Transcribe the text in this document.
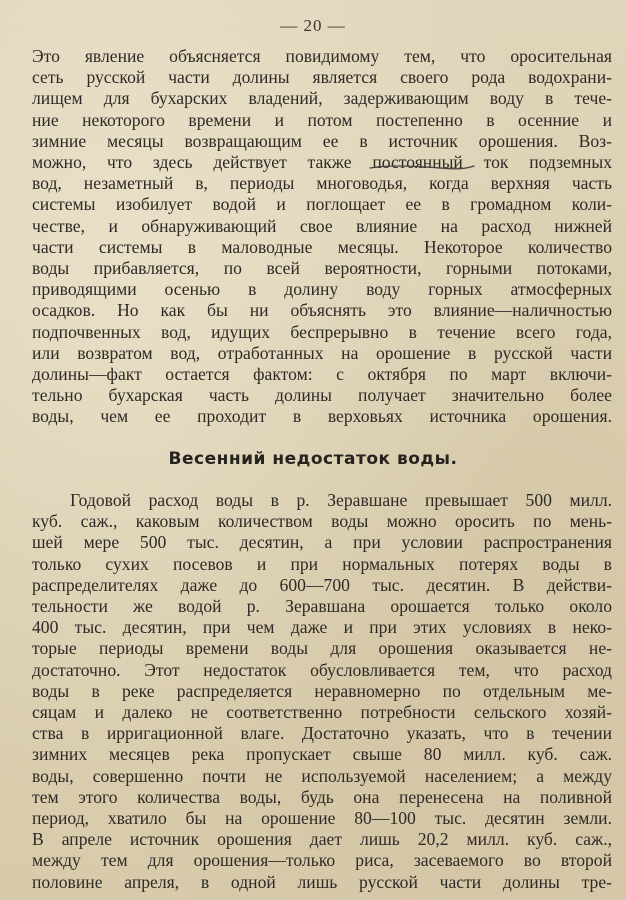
— 20 —

Это явление объясняется повидимому тем, что оросительная
сеть русской части долины является своего рода водохрани-
лищем для бухарских владений, задерживающим воду в тече-
ние некоторого времени и потом постепенно в осенние и
зимние месяцы возвращающим ее в источник орошения. Воз-
можно, что здесь действует также постоянный ток подземных
вод, незаметный в, периоды многоводья, когда верхняя часть
системы изобилует водой и поглощает ее в громадном коли-
честве, и обнаруживающий свое влияние на расход нижней
части системы в маловодные месяцы. Некоторое количество
воды прибавляется, по всей вероятности, горными потоками,
приводящими осенью в долину воду горных атмосферных
осадков. Но как бы ни объяснять это влияние—наличностью
подпочвенных вод, идущих беспрерывно в течение всего года,
или возвратом вод, отработанных на орошение в русской части
долины—факт остается фактом: с октября по март включи-
тельно бухарская часть долины получает значительно более
воды, чем ее проходит в верховьях источника орошения.

Весенний недостаток воды.

Годовой расход воды в р. Зеравшане превышает 500 милл.
куб. саж., каковым количеством воды можно оросить по мень-
шей мере 500 тыс. десятин, а при условии распространения
только сухих посевов и при нормальных потерях воды в
распределителях даже до 600—700 тыс. десятин. В действи-
тельности же водой р. Зеравшана орошается только около
400 тыс. десятин, при чем даже и при этих условиях в неко-
торые периоды времени воды для орошения оказывается не-
достаточно. Этот недостаток обусловливается тем, что расход
воды в реке распределяется неравномерно по отдельным ме-
сяцам и далеко не соответственно потребности сельского хозяй-
ства в ирригационной влаге. Достаточно указать, что в течении
зимних месяцев река пропускает свыше 80 милл. куб. саж.
воды, совершенно почти не используемой населением; а между
тем этого количества воды, будь она перенесена на поливной
период, хватило бы на орошение 80—100 тыс. десятин земли.
В апреле источник орошения дает лишь 20,2 милл. куб. саж.,
между тем для орошения—только риса, засеваемого во второй
половине апреля, в одной лишь русской части долины тре-
